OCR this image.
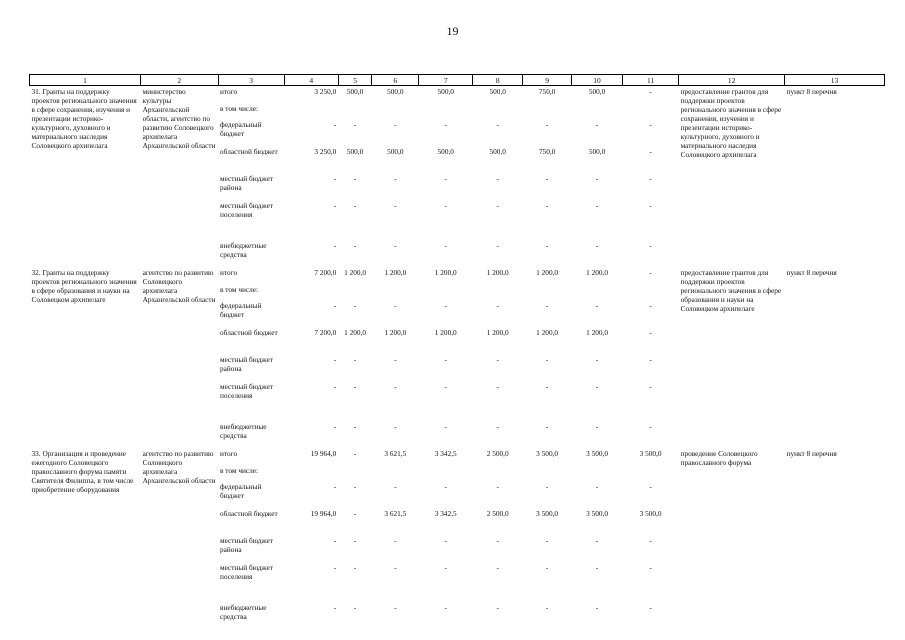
19
1	2	3	4	5	6	7	8	9	10	11	12	13
31. Гранты на поддержку проектов регионального значения в сфере сохранения, изучения и презентации историко-культурного, духовного и материального наследия Соловецкого архипелага	министерство культуры Архангельской области, агентство по развитию Соловецкого архипелага Архангельской области	итого	3 250,0	500,0	500,0	500,0	500,0	750,0	500,0	-	предоставление грантов для поддержки проектов регионального значения в сфере сохранения, изучения и презентации историко-культурного, духовного и материального наследия Соловецкого архипелага	пункт 8 перечня
		в том числе:										
		федеральный бюджет	-	-	-	-	-	-	-	-		
		областной бюджет	3 250,0	500,0	500,0	500,0	500,0	750,0	500,0	-		
		местный бюджет района	-	-	-	-	-	-	-	-		
		местный бюджет поселения	-	-	-	-	-	-	-	-		
		внебюджетные средства	-	-	-	-	-	-	-	-		
32. Гранты на поддержку проектов регионального значения в сфере образования и науки на Соловецком архипелаге	агентство по развитию Соловецкого архипелага Архангельской области	итого	7 200,0	1 200,0	1 200,0	1 200,0	1 200,0	1 200,0	1 200,0	-	предоставление грантов для поддержки проектов регионального значения в сфере образования и науки на Соловецком архипелаге	пункт 8 перечня
		в том числе:										
		федеральный бюджет	-	-	-	-	-	-	-	-		
		областной бюджет	7 200,0	1 200,0	1 200,0	1 200,0	1 200,0	1 200,0	1 200,0	-		
		местный бюджет района	-	-	-	-	-	-	-	-		
		местный бюджет поселения	-	-	-	-	-	-	-	-		
		внебюджетные средства	-	-	-	-	-	-	-	-		
33. Организация и проведение ежегодного Соловецкого православного форума памяти Святителя Филиппа, в том числе приобретение оборудования	агентство по развитию Соловецкого архипелага Архангельской области	итого	19 964,0	-	3 621,5	3 342,5	2 500,0	3 500,0	3 500,0	3 500,0	проведение Соловецкого православного форума	пункт 8 перечня
		в том числе:										
		федеральный бюджет	-	-	-	-	-	-	-	-		
		областной бюджет	19 964,0	-	3 621,5	3 342,5	2 500,0	3 500,0	3 500,0	3 500,0		
		местный бюджет района	-	-	-	-	-	-	-	-		
		местный бюджет поселения	-	-	-	-	-	-	-	-		
		внебюджетные средства	-	-	-	-	-	-	-	-		
